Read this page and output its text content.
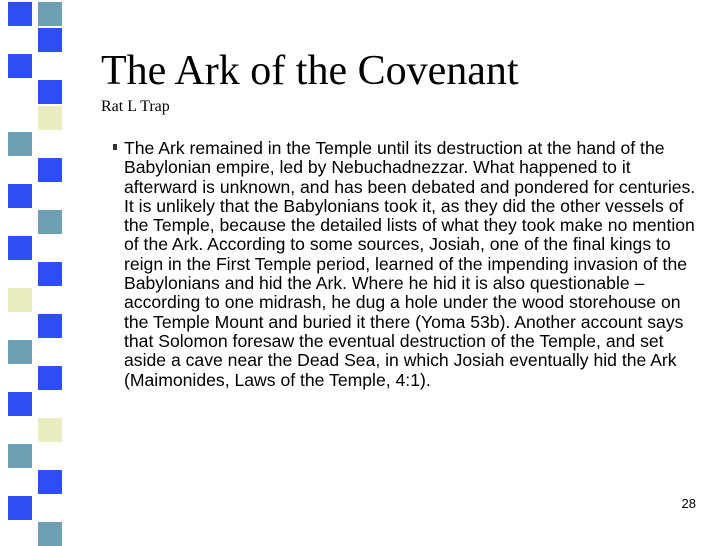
The Ark of the Covenant
Rat L Trap
The Ark remained in the Temple until its destruction at the hand of the Babylonian empire, led by Nebuchadnezzar. What happened to it afterward is unknown, and has been debated and pondered for centuries. It is unlikely that the Babylonians took it, as they did the other vessels of the Temple, because the detailed lists of what they took make no mention of the Ark. According to some sources, Josiah, one of the final kings to reign in the First Temple period, learned of the impending invasion of the Babylonians and hid the Ark. Where he hid it is also questionable – according to one midrash, he dug a hole under the wood storehouse on the Temple Mount and buried it there (Yoma 53b). Another account says that Solomon foresaw the eventual destruction of the Temple, and set aside a cave near the Dead Sea, in which Josiah eventually hid the Ark (Maimonides, Laws of the Temple, 4:1).
28
